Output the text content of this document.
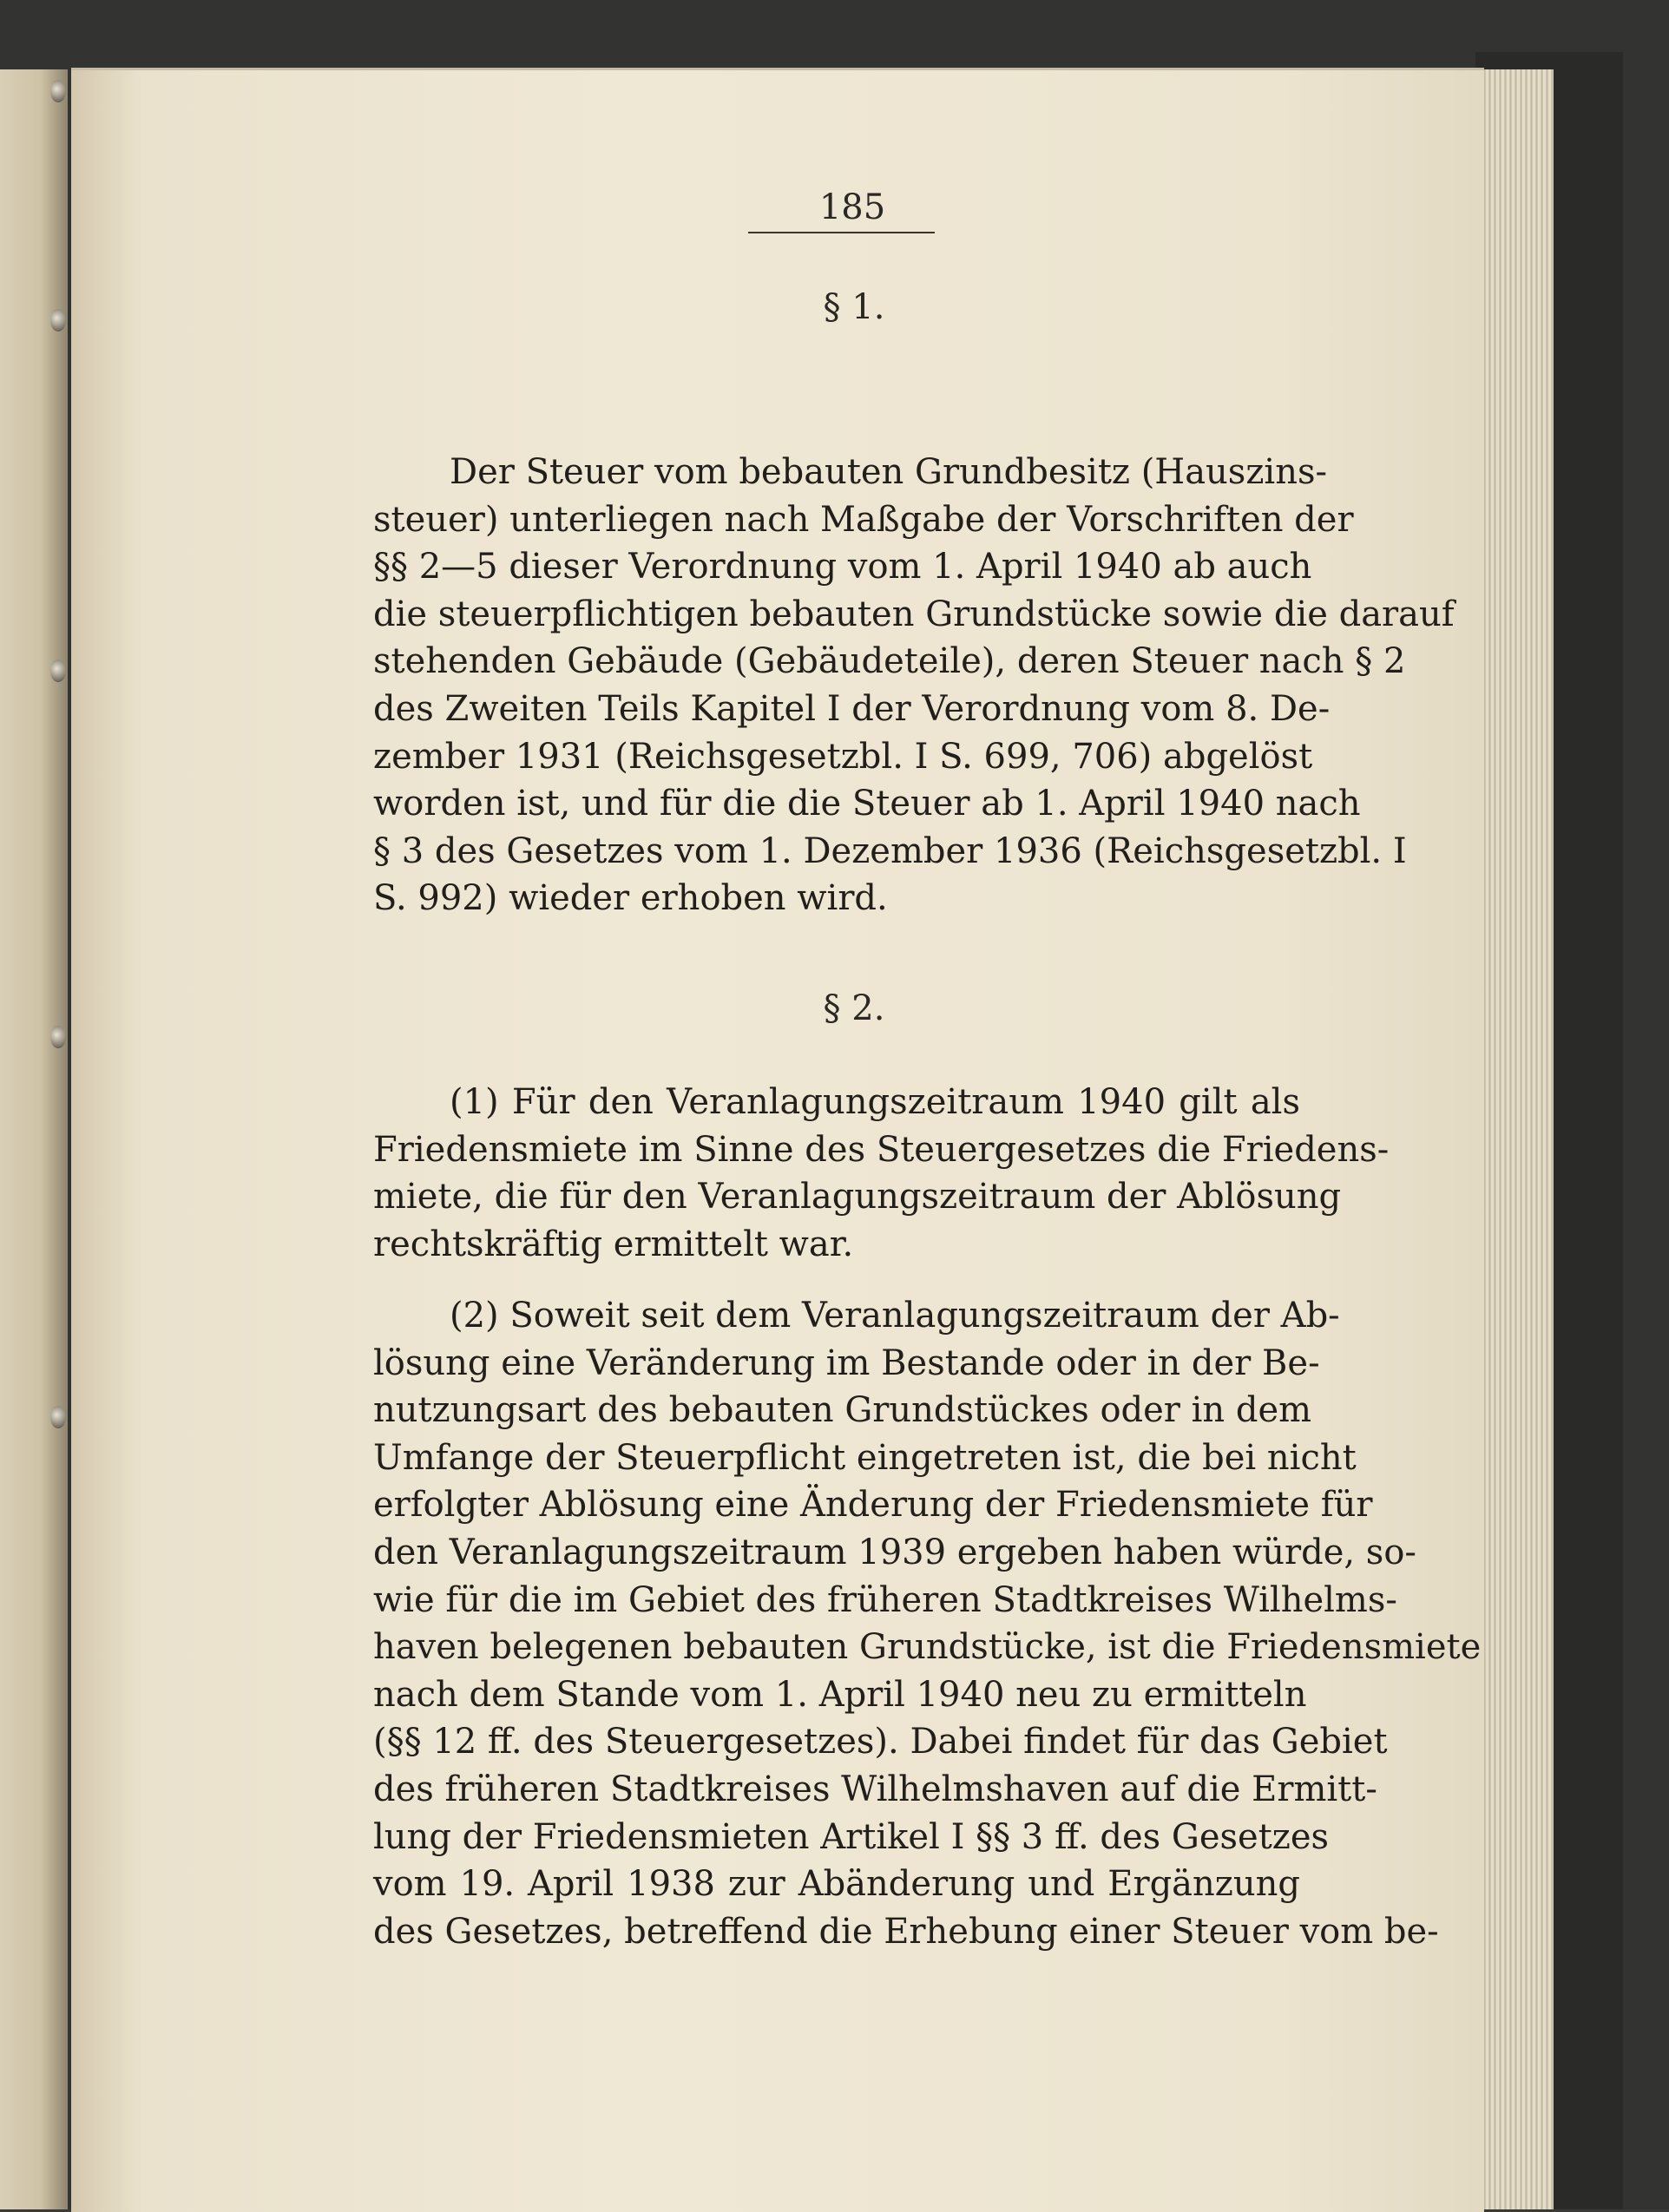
185
§ 1.
Der Steuer vom bebauten Grundbesitz (Hauszins-
steuer) unterliegen nach Maßgabe der Vorschriften der
§§ 2—5 dieser Verordnung vom 1. April 1940 ab auch
die steuerpflichtigen bebauten Grundstücke sowie die darauf
stehenden Gebäude (Gebäudeteile), deren Steuer nach § 2
des Zweiten Teils Kapitel I der Verordnung vom 8. De-
zember 1931 (Reichsgesetzbl. I S. 699, 706) abgelöst
worden ist, und für die die Steuer ab 1. April 1940 nach
§ 3 des Gesetzes vom 1. Dezember 1936 (Reichsgesetzbl. I
S. 992) wieder erhoben wird.
§ 2.
(1) Für den Veranlagungszeitraum 1940 gilt als
Friedensmiete im Sinne des Steuergesetzes die Friedens-
miete, die für den Veranlagungszeitraum der Ablösung
rechtskräftig ermittelt war.
(2) Soweit seit dem Veranlagungszeitraum der Ab-
lösung eine Veränderung im Bestande oder in der Be-
nutzungsart des bebauten Grundstückes oder in dem
Umfange der Steuerpflicht eingetreten ist, die bei nicht
erfolgter Ablösung eine Änderung der Friedensmiete für
den Veranlagungszeitraum 1939 ergeben haben würde, so-
wie für die im Gebiet des früheren Stadtkreises Wilhelms-
haven belegenen bebauten Grundstücke, ist die Friedensmiete
nach dem Stande vom 1. April 1940 neu zu ermitteln
(§§ 12 ff. des Steuergesetzes). Dabei findet für das Gebiet
des früheren Stadtkreises Wilhelmshaven auf die Ermitt-
lung der Friedensmieten Artikel I §§ 3 ff. des Gesetzes
vom 19. April 1938 zur Abänderung und Ergänzung
des Gesetzes, betreffend die Erhebung einer Steuer vom be-
